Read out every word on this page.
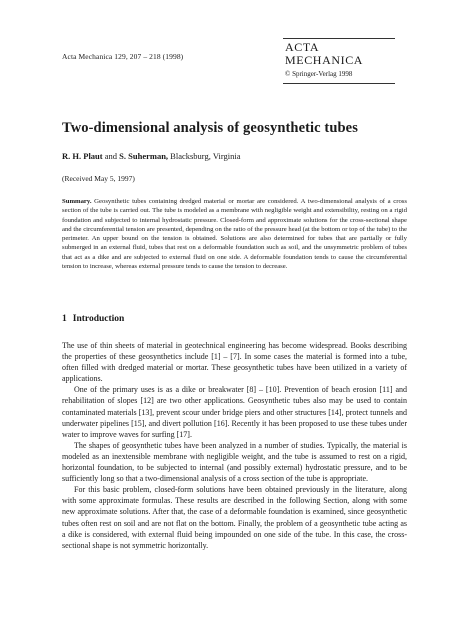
Acta Mechanica 129, 207 – 218 (1998)
ACTA MECHANICA
© Springer-Verlag 1998
Two-dimensional analysis of geosynthetic tubes
R. H. Plaut and S. Suherman, Blacksburg, Virginia
(Received May 5, 1997)

Summary. Geosynthetic tubes containing dredged material or mortar are considered. A two-dimensional analysis of a cross section of the tube is carried out. The tube is modeled as a membrane with negligible weight and extensibility, resting on a rigid foundation and subjected to internal hydrostatic pressure. Closed-form and approximate solutions for the cross-sectional shape and the circumferential tension are presented, depending on the ratio of the pressure head (at the bottom or top of the tube) to the perimeter. An upper bound on the tension is obtained. Solutions are also determined for tubes that are partially or fully submerged in an external fluid, tubes that rest on a deformable foundation such as soil, and the unsymmetric problem of tubes that act as a dike and are subjected to external fluid on one side. A deformable foundation tends to cause the circumferential tension to increase, whereas external pressure tends to cause the tension to decrease.

1 Introduction

The use of thin sheets of material in geotechnical engineering has become widespread. Books describing the properties of these geosynthetics include [1] – [7]. In some cases the material is formed into a tube, often filled with dredged material or mortar. These geosynthetic tubes have been utilized in a variety of applications.

One of the primary uses is as a dike or breakwater [8] – [10]. Prevention of beach erosion [11] and rehabilitation of slopes [12] are two other applications. Geosynthetic tubes also may be used to contain contaminated materials [13], prevent scour under bridge piers and other structures [14], protect tunnels and underwater pipelines [15], and divert pollution [16]. Recently it has been proposed to use these tubes under water to improve waves for surfing [17].

The shapes of geosynthetic tubes have been analyzed in a number of studies. Typically, the material is modeled as an inextensible membrane with negligible weight, and the tube is assumed to rest on a rigid, horizontal foundation, to be subjected to internal (and possibly external) hydrostatic pressure, and to be sufficiently long so that a two-dimensional analysis of a cross section of the tube is appropriate.

For this basic problem, closed-form solutions have been obtained previously in the literature, along with some approximate formulas. These results are described in the following Section, along with some new approximate solutions. After that, the case of a deformable foundation is examined, since geosynthetic tubes often rest on soil and are not flat on the bottom. Finally, the problem of a geosynthetic tube acting as a dike is considered, with external fluid being impounded on one side of the tube. In this case, the cross-sectional shape is not symmetric horizontally.
